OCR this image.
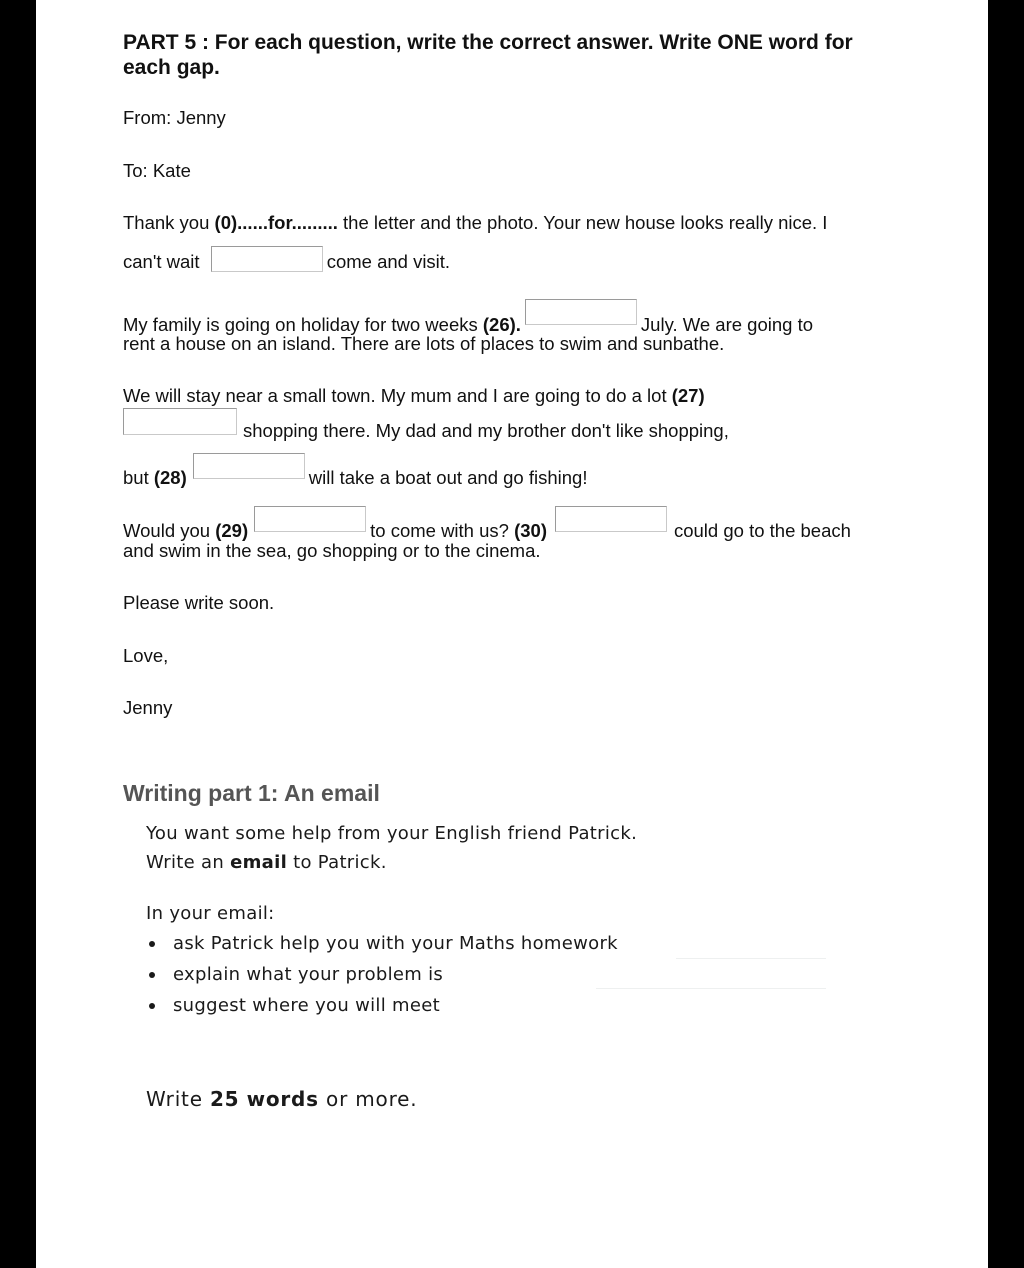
PART 5 : For each question, write the correct answer. Write ONE word for each gap.
From: Jenny
To: Kate
Thank you (0)......for......... the letter and the photo. Your new house looks really nice. I
can't wait	come and visit.
My family is going on holiday for two weeks (26).	July. We are going to
rent a house on an island. There are lots of places to swim and sunbathe.
We will stay near a small town. My mum and I are going to do a lot (27)
shopping there. My dad and my brother don't like shopping,
but (28)	will take a boat out and go fishing!
Would you (29)	to come with us? (30)	could go to the beach
and swim in the sea, go shopping or to the cinema.
Please write soon.
Love,
Jenny
Writing part 1: An email
You want some help from your English friend Patrick.
Write an email to Patrick.
In your email:
ask Patrick help you with your Maths homework
explain what your problem is
suggest where you will meet
Write 25 words or more.
